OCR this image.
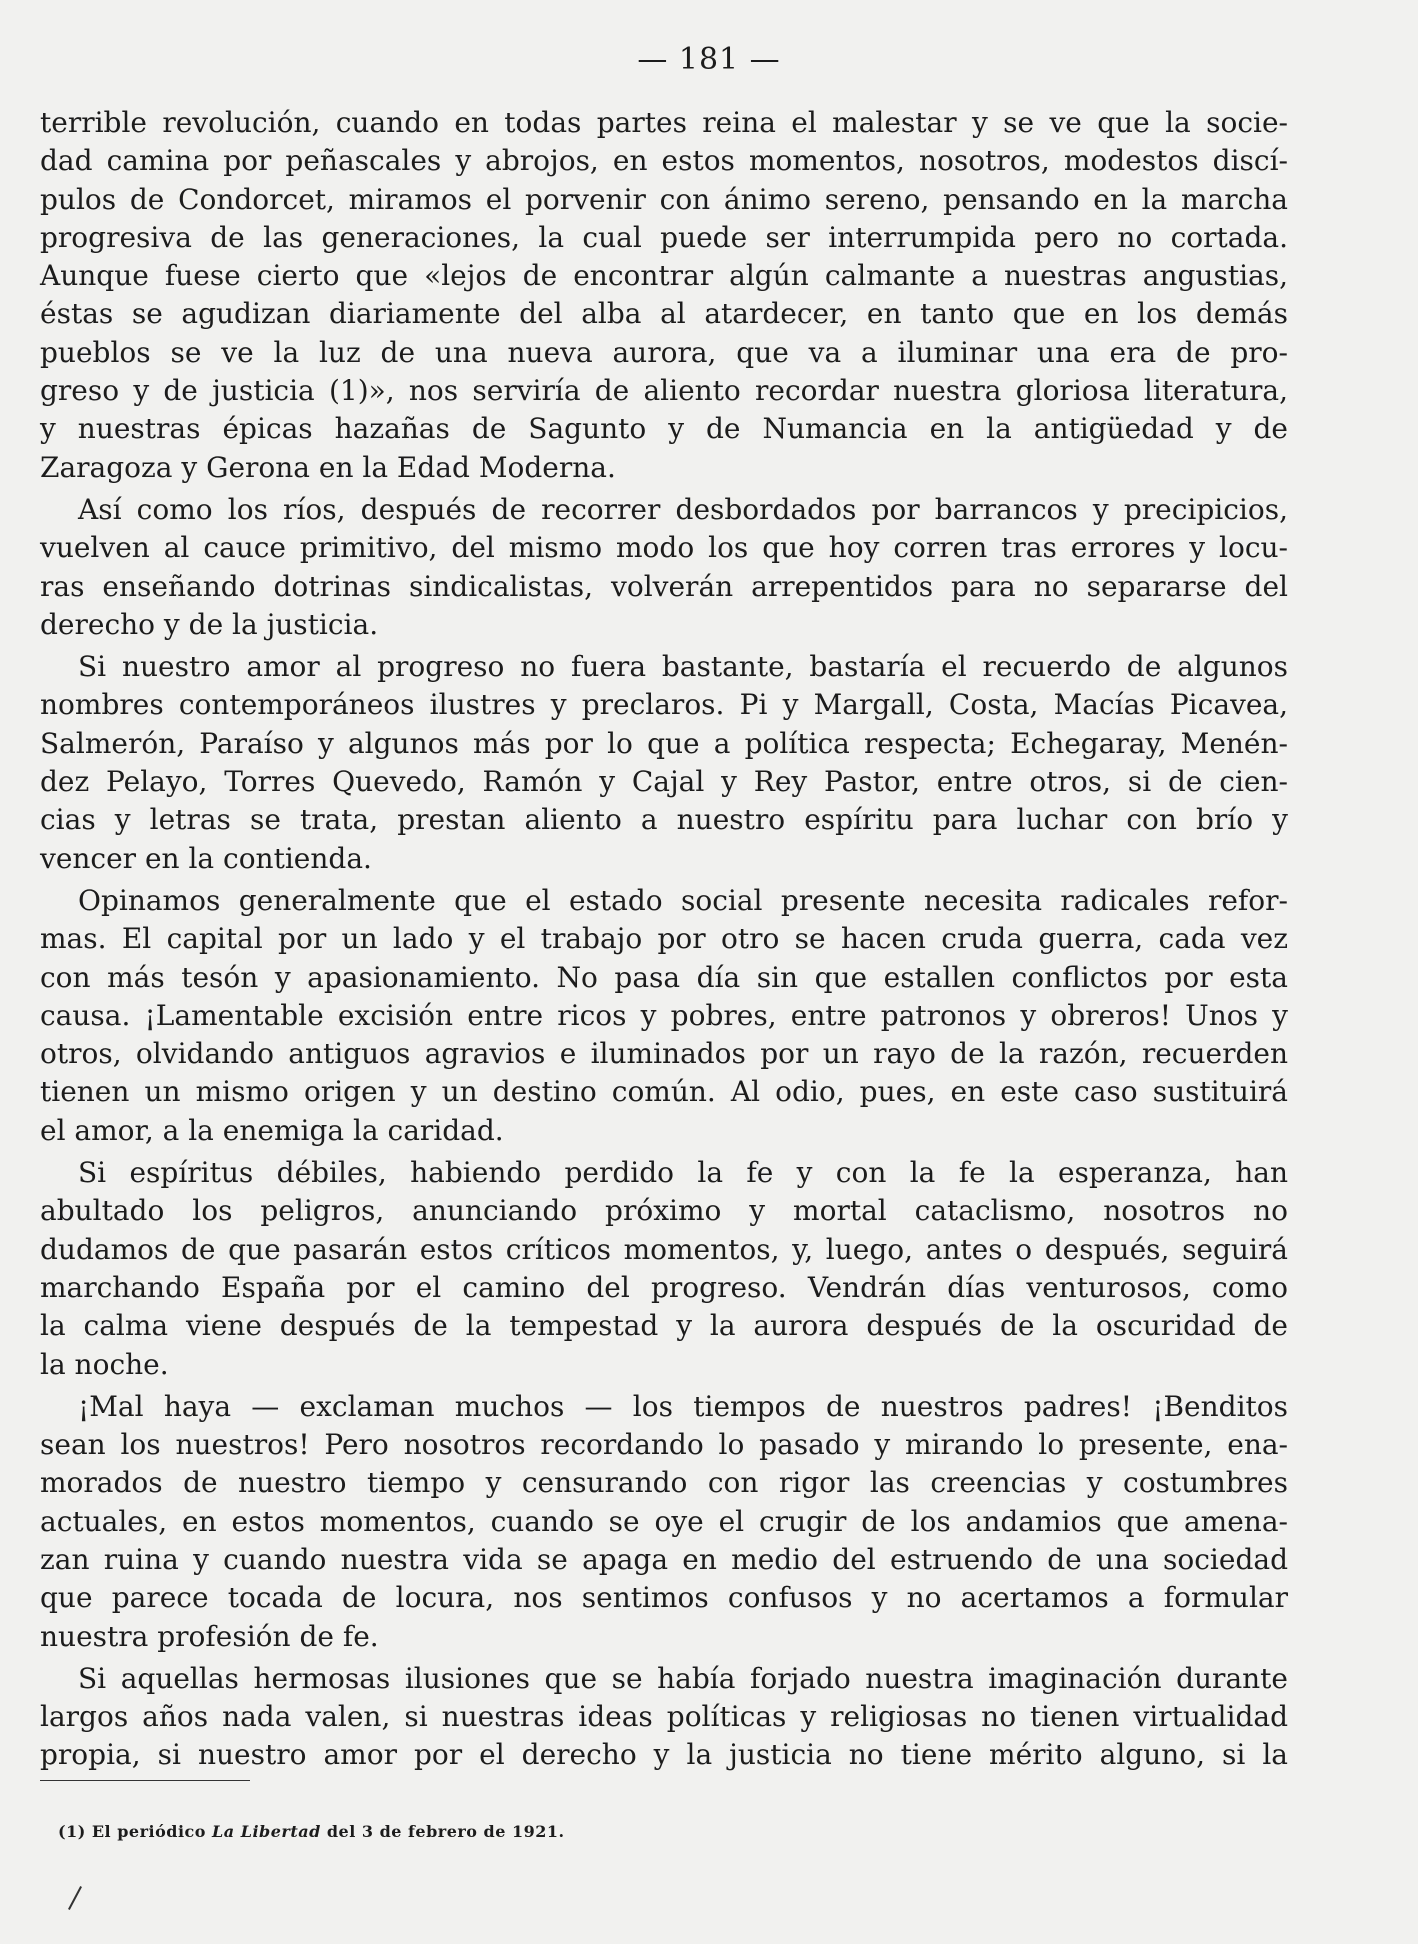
— 181 —
terrible revolución, cuando en todas partes reina el malestar y se ve que la socie-
dad camina por peñascales y abrojos, en estos momentos, nosotros, modestos discí-
pulos de Condorcet, miramos el porvenir con ánimo sereno, pensando en la marcha
progresiva de las generaciones, la cual puede ser interrumpida pero no cortada.
Aunque fuese cierto que «lejos de encontrar algún calmante a nuestras angustias,
éstas se agudizan diariamente del alba al atardecer, en tanto que en los demás
pueblos se ve la luz de una nueva aurora, que va a iluminar una era de pro-
greso y de justicia (1)», nos serviría de aliento recordar nuestra gloriosa literatura,
y nuestras épicas hazañas de Sagunto y de Numancia en la antigüedad y de
Zaragoza y Gerona en la Edad Moderna.
Así como los ríos, después de recorrer desbordados por barrancos y precipicios,
vuelven al cauce primitivo, del mismo modo los que hoy corren tras errores y locu-
ras enseñando dotrinas sindicalistas, volverán arrepentidos para no separarse del
derecho y de la justicia.
Si nuestro amor al progreso no fuera bastante, bastaría el recuerdo de algunos
nombres contemporáneos ilustres y preclaros. Pi y Margall, Costa, Macías Picavea,
Salmerón, Paraíso y algunos más por lo que a política respecta; Echegaray, Menén-
dez Pelayo, Torres Quevedo, Ramón y Cajal y Rey Pastor, entre otros, si de cien-
cias y letras se trata, prestan aliento a nuestro espíritu para luchar con brío y
vencer en la contienda.
Opinamos generalmente que el estado social presente necesita radicales refor-
mas. El capital por un lado y el trabajo por otro se hacen cruda guerra, cada vez
con más tesón y apasionamiento. No pasa día sin que estallen conflictos por esta
causa. ¡Lamentable excisión entre ricos y pobres, entre patronos y obreros! Unos y
otros, olvidando antiguos agravios e iluminados por un rayo de la razón, recuerden
tienen un mismo origen y un destino común. Al odio, pues, en este caso sustituirá
el amor, a la enemiga la caridad.
Si espíritus débiles, habiendo perdido la fe y con la fe la esperanza, han
abultado los peligros, anunciando próximo y mortal cataclismo, nosotros no
dudamos de que pasarán estos críticos momentos, y, luego, antes o después, seguirá
marchando España por el camino del progreso. Vendrán días venturosos, como
la calma viene después de la tempestad y la aurora después de la oscuridad de
la noche.
¡Mal haya — exclaman muchos — los tiempos de nuestros padres! ¡Benditos
sean los nuestros! Pero nosotros recordando lo pasado y mirando lo presente, ena-
morados de nuestro tiempo y censurando con rigor las creencias y costumbres
actuales, en estos momentos, cuando se oye el crugir de los andamios que amena-
zan ruina y cuando nuestra vida se apaga en medio del estruendo de una sociedad
que parece tocada de locura, nos sentimos confusos y no acertamos a formular
nuestra profesión de fe.
Si aquellas hermosas ilusiones que se había forjado nuestra imaginación durante
largos años nada valen, si nuestras ideas políticas y religiosas no tienen virtualidad
propia, si nuestro amor por el derecho y la justicia no tiene mérito alguno, si la
(1) El periódico La Libertad del 3 de febrero de 1921.
